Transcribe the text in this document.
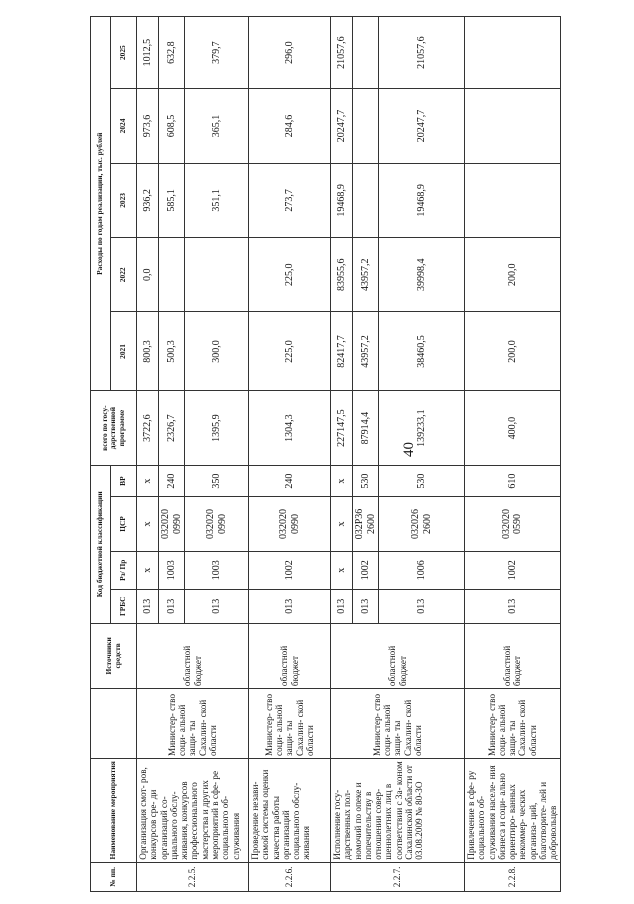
40
№ пп.	Наименование мероприятия		Источники средств	Код бюджетной классификации				всего по госу- дарственной программе	Расходы по годам реализации, тыс. рублей				
				ГРБС	Рз/ Пр	ЦСР	ВР		2021	2022	2023	2024	2025
2.2.5.	Организация смот- ров, конкурсов сре- ди организаций со- циального обслу- живания, конкурсов профессионального мастерства и других мероприятий в сфе- ре социального об- служивания	Министер- ство соци- альной защи- ты Сахалин- ской области	областной бюджет	013	х	х	х	3722,6	800,3	0,0	936,2	973,6	1012,5
				013	1003	032020 0990	240	2326,7	500,3		585,1	608,5	632,8
				013	1003	032020 0990	350	1395,9	300,0		351,1	365,1	379,7
2.2.6.	Проведение незави- симой системы оценки качества работы организаций социального обслу- живания	Министер- ство соци- альной защи- ты Сахалин- ской области	областной бюджет	013	1002	032020 0990	240	1304,3	225,0	225,0	273,7	284,6	296,0
2.2.7.	Исполнение госу- дарственных пол- номочий по опеке и попечительству в отношении совер- шеннолетних лиц в соответствии с За- коном Сахалинской области от 03.08.2009 № 80-ЗО	Министер- ство соци- альной защи- ты Сахалин- ской области	областной бюджет	013	х	х	х	227147,5	82417,7	83955,6	19468,9	20247,7	21057,6
				013	1002	032Р36 2600	530	87914,4	43957,2	43957,2			
				013	1006	032026 2600	530	139233,1	38460,5	39998,4	19468,9	20247,7	21057,6
2.2.8.	Привлечение в сфе- ру социального об- служивания населе- ния бизнеса и соци- ально ориентиро- ванных некоммер- ческих организа- ций, благотворите- лей и добровольцев	Министер- ство соци- альной защи- ты Сахалин- ской области	областной бюджет	013	1002	032020 0590	610	400,0	200,0	200,0			
